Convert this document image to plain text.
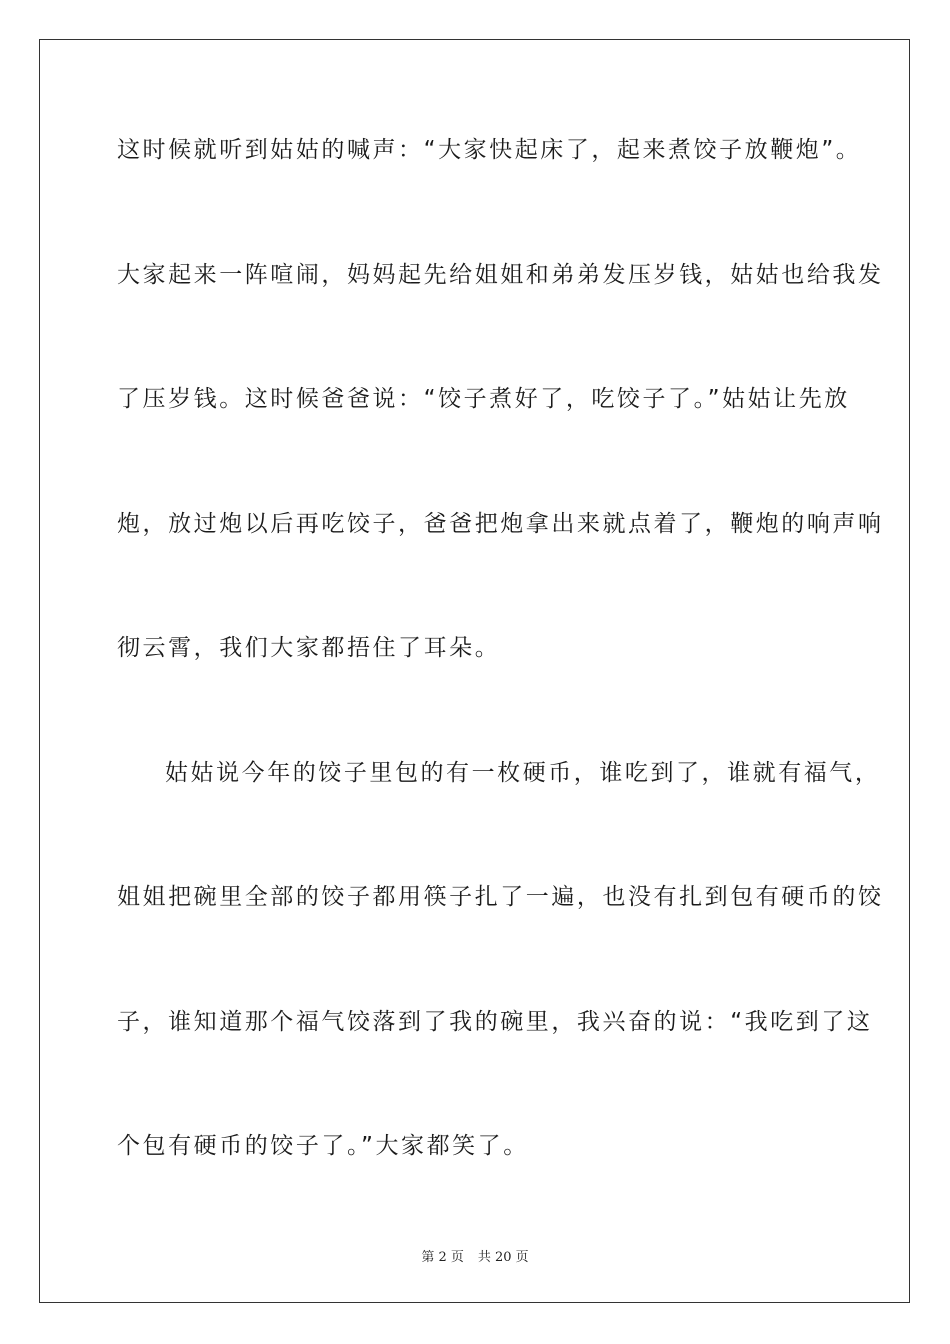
这时候就听到姑姑的喊声：“大家快起床了，起来煮饺子放鞭炮”。
大家起来一阵喧闹，妈妈起先给姐姐和弟弟发压岁钱，姑姑也给我发
了压岁钱。这时候爸爸说：“饺子煮好了，吃饺子了。”姑姑让先放
炮，放过炮以后再吃饺子，爸爸把炮拿出来就点着了，鞭炮的响声响
彻云霄，我们大家都捂住了耳朵。
姑姑说今年的饺子里包的有一枚硬币，谁吃到了，谁就有福气，
姐姐把碗里全部的饺子都用筷子扎了一遍，也没有扎到包有硬币的饺
子，谁知道那个福气饺落到了我的碗里，我兴奋的说：“我吃到了这
个包有硬币的饺子了。”大家都笑了。
第 2 页 共 20 页
